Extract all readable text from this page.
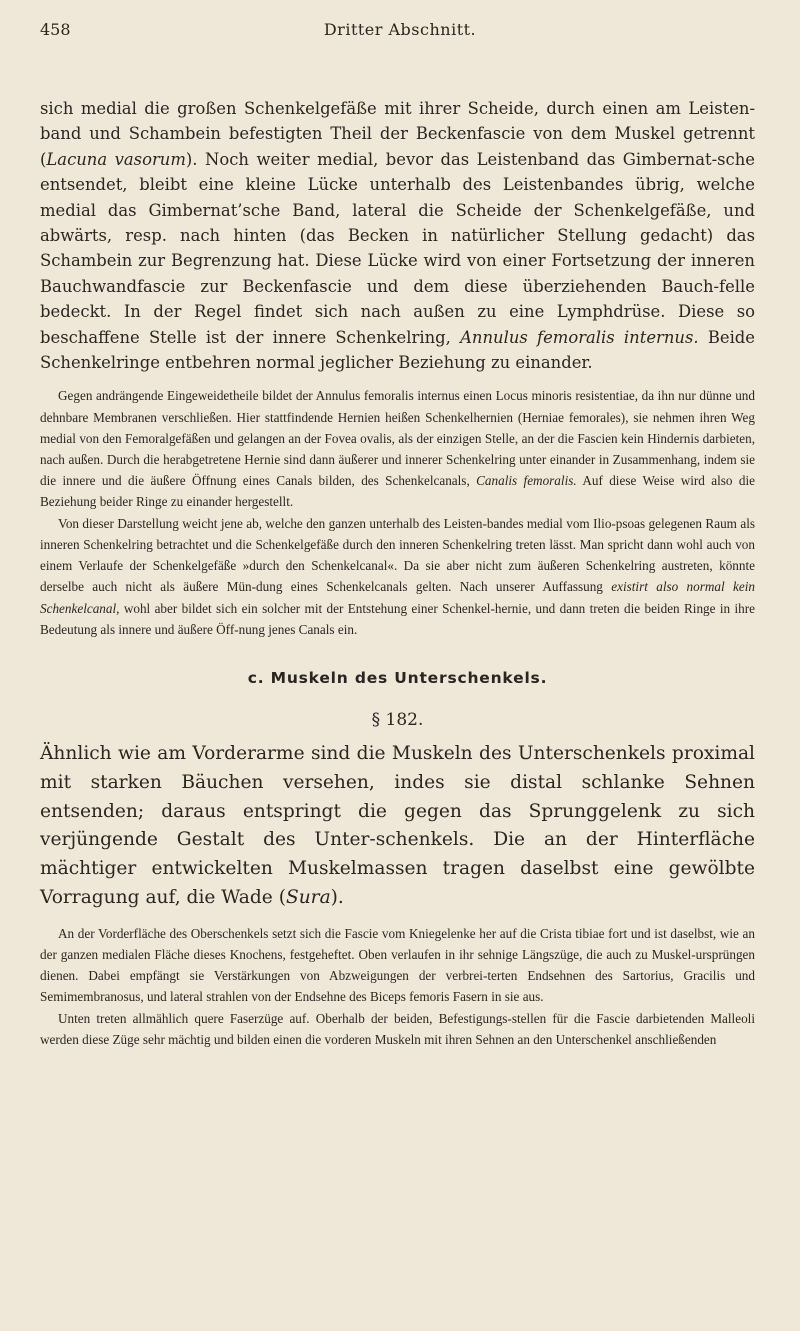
458	Dritter Abschnitt.

sich medial die großen Schenkelgefäße mit ihrer Scheide, durch einen am Leisten-band und Schambein befestigten Theil der Beckenfascie von dem Muskel getrennt (Lacuna vasorum). Noch weiter medial, bevor das Leistenband das Gimbernat-sche entsendet, bleibt eine kleine Lücke unterhalb des Leistenbandes übrig, welche medial das Gimbernat’sche Band, lateral die Scheide der Schenkelgefäße, und abwärts, resp. nach hinten (das Becken in natürlicher Stellung gedacht) das Schambein zur Begrenzung hat. Diese Lücke wird von einer Fortsetzung der inneren Bauchwandfascie zur Beckenfascie und dem diese überziehenden Bauch-felle bedeckt. In der Regel findet sich nach außen zu eine Lymphdrüse. Diese so beschaffene Stelle ist der innere Schenkelring, Annulus femoralis internus. Beide Schenkelringe entbehren normal jeglicher Beziehung zu einander.

Gegen andrängende Eingeweidetheile bildet der Annulus femoralis internus einen Locus minoris resistentiae, da ihn nur dünne und dehnbare Membranen verschließen. Hier stattfindende Hernien heißen Schenkelhernien (Herniae femorales), sie nehmen ihren Weg medial von den Femoralgefäßen und gelangen an der Fovea ovalis, als der einzigen Stelle, an der die Fascien kein Hindernis darbieten, nach außen. Durch die herabgetretene Hernie sind dann äußerer und innerer Schenkelring unter einander in Zusammenhang, indem sie die innere und die äußere Öffnung eines Canals bilden, des Schenkelcanals, Canalis femoralis. Auf diese Weise wird also die Beziehung beider Ringe zu einander hergestellt.

Von dieser Darstellung weicht jene ab, welche den ganzen unterhalb des Leisten-bandes medial vom Ilio-psoas gelegenen Raum als inneren Schenkelring betrachtet und die Schenkelgefäße durch den inneren Schenkelring treten lässt. Man spricht dann wohl auch von einem Verlaufe der Schenkelgefäße »durch den Schenkelcanal«. Da sie aber nicht zum äußeren Schenkelring austreten, könnte derselbe auch nicht als äußere Mün-dung eines Schenkelcanals gelten. Nach unserer Auffassung existirt also normal kein Schenkelcanal, wohl aber bildet sich ein solcher mit der Entstehung einer Schenkel-hernie, und dann treten die beiden Ringe in ihre Bedeutung als innere und äußere Öff-nung jenes Canals ein.

c. Muskeln des Unterschenkels.
§ 182.

Ähnlich wie am Vorderarme sind die Muskeln des Unterschenkels proximal mit starken Bäuchen versehen, indes sie distal schlanke Sehnen entsenden; daraus entspringt die gegen das Sprunggelenk zu sich verjüngende Gestalt des Unter-schenkels. Die an der Hinterfläche mächtiger entwickelten Muskelmassen tragen daselbst eine gewölbte Vorragung auf, die Wade (Sura).

An der Vorderfläche des Oberschenkels setzt sich die Fascie vom Kniegelenke her auf die Crista tibiae fort und ist daselbst, wie an der ganzen medialen Fläche dieses Knochens, festgeheftet. Oben verlaufen in ihr sehnige Längszüge, die auch zu Muskel-ursprüngen dienen. Dabei empfängt sie Verstärkungen von Abzweigungen der verbrei-terten Endsehnen des Sartorius, Gracilis und Semimembranosus, und lateral strahlen von der Endsehne des Biceps femoris Fasern in sie aus.

Unten treten allmählich quere Faserzüge auf. Oberhalb der beiden, Befestigungs-stellen für die Fascie darbietenden Malleoli werden diese Züge sehr mächtig und bilden einen die vorderen Muskeln mit ihren Sehnen an den Unterschenkel anschließenden
